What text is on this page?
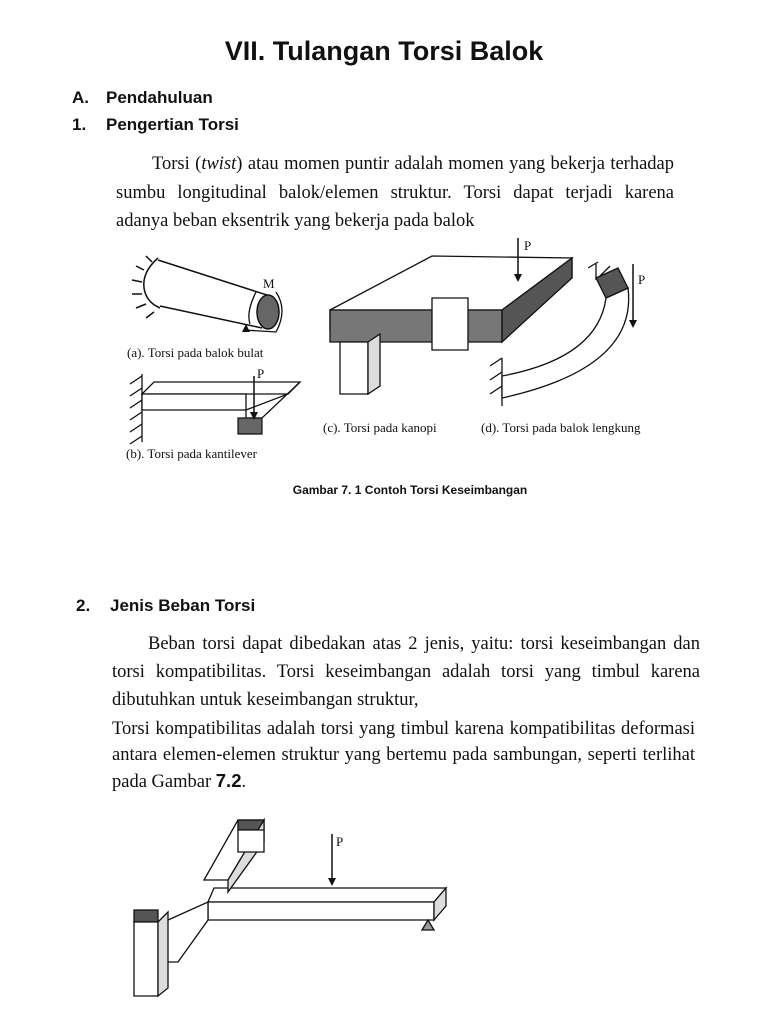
VII. Tulangan Torsi Balok
A. Pendahuluan
1. Pengertian Torsi
Torsi (twist) atau momen puntir adalah momen yang bekerja terhadap sumbu longitudinal balok/elemen struktur. Torsi dapat terjadi karena adanya beban eksentrik yang bekerja pada balok
M
(a). Torsi pada balok bulat
P
(b). Torsi pada kantilever
P
(c). Torsi pada kanopi
P
(d). Torsi pada balok lengkung
Gambar 7. 1 Contoh Torsi Keseimbangan
2. Jenis Beban Torsi
Beban torsi dapat dibedakan atas 2 jenis, yaitu: torsi keseimbangan dan torsi kompatibilitas. Torsi keseimbangan adalah torsi yang timbul karena dibutuhkan untuk keseimbangan struktur,
Torsi kompatibilitas adalah torsi yang timbul karena kompatibilitas deformasi antara elemen-elemen struktur yang bertemu pada sambungan, seperti terlihat pada Gambar 7.2.
P
